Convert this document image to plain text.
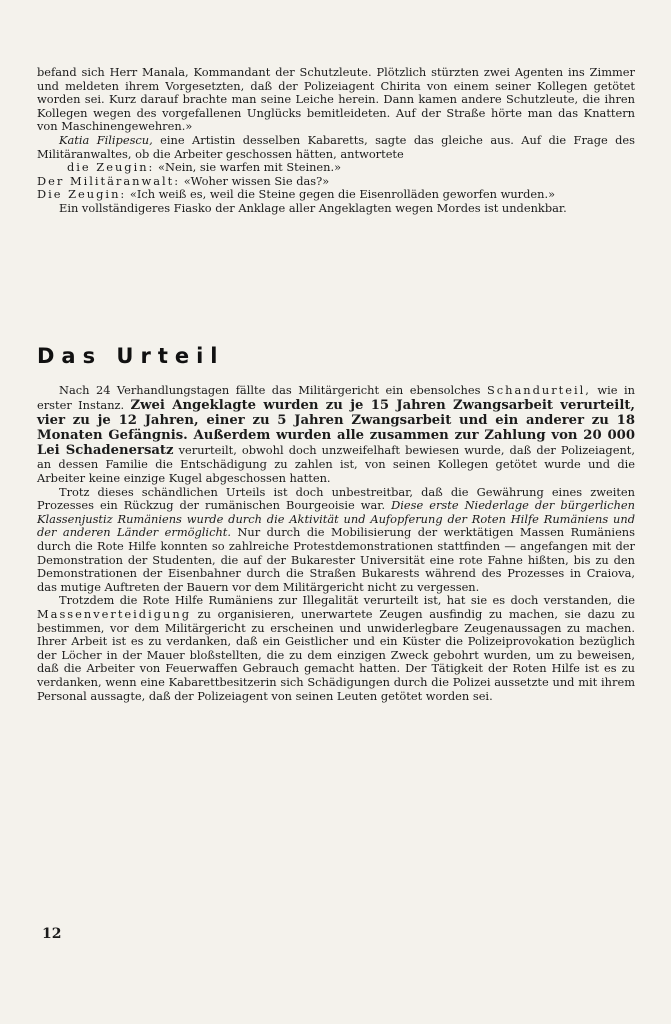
befand sich Herr Manala, Kommandant der Schutzleute. Plötzlich stürzten zwei Agenten ins Zimmer und meldeten ihrem Vorgesetzten, daß der Polizeiagent Chirita von einem seiner Kollegen getötet worden sei. Kurz darauf brachte man seine Leiche herein. Dann kamen andere Schutzleute, die ihren Kollegen wegen des vorgefallenen Unglücks bemitleideten. Auf der Straße hörte man das Knattern von Maschinengewehren.»

Katia Filipescu, eine Artistin desselben Kabaretts, sagte das gleiche aus. Auf die Frage des Militäranwaltes, ob die Arbeiter geschossen hätten, antwortete

die Zeugin: «Nein, sie warfen mit Steinen.»

Der Militäranwalt: «Woher wissen Sie das?»

Die Zeugin: «Ich weiß es, weil die Steine gegen die Eisenrolläden geworfen wurden.»

Ein vollständigeres Fiasko der Anklage aller Angeklagten wegen Mordes ist undenkbar.

Das Urteil

Nach 24 Verhandlungstagen fällte das Militärgericht ein ebensolches Schandurteil, wie in erster Instanz. Zwei Angeklagte wurden zu je 15 Jahren Zwangsarbeit verurteilt, vier zu je 12 Jahren, einer zu 5 Jahren Zwangsarbeit und ein anderer zu 18 Monaten Gefängnis. Außerdem wurden alle zusammen zur Zahlung von 20 000 Lei Schadenersatz verurteilt, obwohl doch unzweifelhaft bewiesen wurde, daß der Polizeiagent, an dessen Familie die Entschädigung zu zahlen ist, von seinen Kollegen getötet wurde und die Arbeiter keine einzige Kugel abgeschossen hatten.

Trotz dieses schändlichen Urteils ist doch unbestreitbar, daß die Gewährung eines zweiten Prozesses ein Rückzug der rumänischen Bourgeoisie war. Diese erste Niederlage der bürgerlichen Klassenjustiz Rumäniens wurde durch die Aktivität und Aufopferung der Roten Hilfe Rumäniens und der anderen Länder ermöglicht. Nur durch die Mobilisierung der werktätigen Massen Rumäniens durch die Rote Hilfe konnten so zahlreiche Protestdemonstrationen stattfinden — angefangen mit der Demonstration der Studenten, die auf der Bukarester Universität eine rote Fahne hißten, bis zu den Demonstrationen der Eisenbahner durch die Straßen Bukarests während des Prozesses in Craiova, das mutige Auftreten der Bauern vor dem Militärgericht nicht zu vergessen.

Trotzdem die Rote Hilfe Rumäniens zur Illegalität verurteilt ist, hat sie es doch verstanden, die Massenverteidigung zu organisieren, unerwartete Zeugen ausfindig zu machen, sie dazu zu bestimmen, vor dem Militärgericht zu erscheinen und unwiderlegbare Zeugenaussagen zu machen. Ihrer Arbeit ist es zu verdanken, daß ein Geistlicher und ein Küster die Polizeiprovokation bezüglich der Löcher in der Mauer bloßstellten, die zu dem einzigen Zweck gebohrt wurden, um zu beweisen, daß die Arbeiter von Feuerwaffen Gebrauch gemacht hatten. Der Tätigkeit der Roten Hilfe ist es zu verdanken, wenn eine Kabarettbesitzerin sich Schädigungen durch die Polizei aussetzte und mit ihrem Personal aussagte, daß der Polizeiagent von seinen Leuten getötet worden sei.

12
